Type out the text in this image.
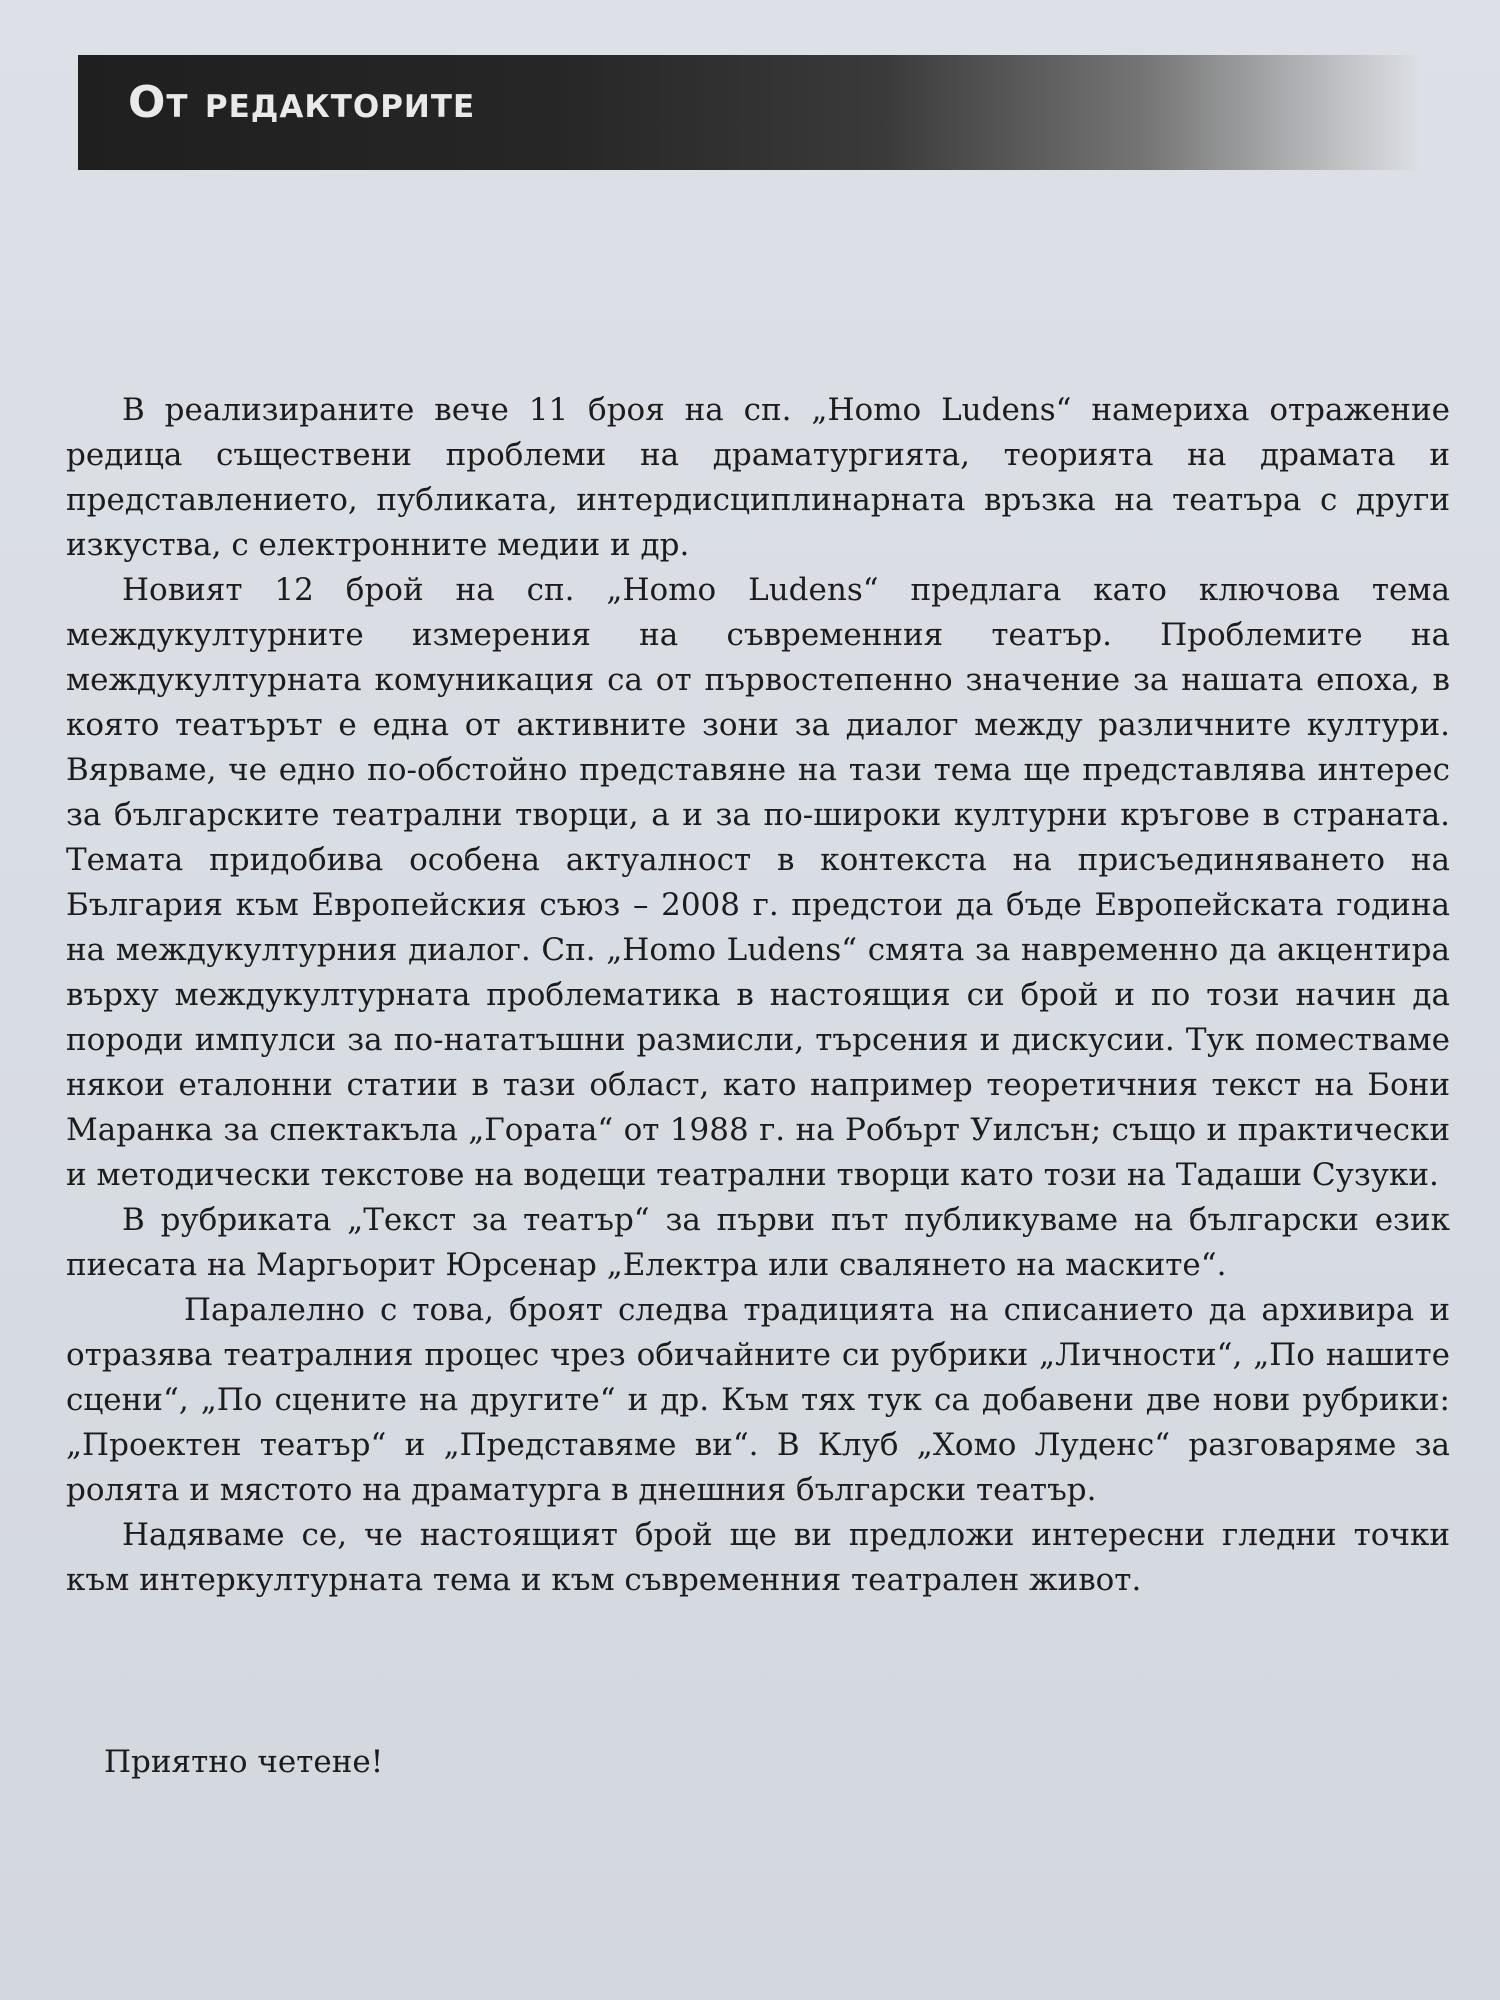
От редакторите

В реализираните вече 11 броя на сп. „Homo Ludens“ намериха отражение редица съществени проблеми на драматургията, теорията на драмата и представлението, публиката, интердисциплинарната връзка на театъра с други изкуства, с електронните медии и др.

Новият 12 брой на сп. „Homo Ludens“ предлага като ключова тема междукултурните измерения на съвременния театър. Проблемите на междукултурната комуникация са от първостепенно значение за нашата епоха, в която театърът е една от активните зони за диалог между различните култури. Вярваме, че едно по-обстойно представяне на тази тема ще представлява интерес за българските театрални творци, а и за по-широки културни кръгове в страната. Темата придобива особена актуалност в контекста на присъединяването на България към Европейския съюз – 2008 г. предстои да бъде Европейската година на междукултурния диалог. Сп. „Homo Ludens“ смята за навременно да акцентира върху междукултурната проблематика в настоящия си брой и по този начин да породи импулси за по-нататъшни размисли, търсения и дискусии. Тук поместваме някои еталонни статии в тази област, като например теоретичния текст на Бони Маранка за спектакъла „Гората“ от 1988 г. на Робърт Уилсън; също и практически и методически текстове на водещи театрални творци като този на Тадаши Сузуки.

В рубриката „Текст за театър“ за първи път публикуваме на български език пиесата на Маргьорит Юрсенар „Електра или свалянето на маските“.

Паралелно с това, броят следва традицията на списанието да архивира и отразява театралния процес чрез обичайните си рубрики „Личности“, „По нашите сцени“, „По сцените на другите“ и др. Към тях тук са добавени две нови рубрики: „Проектен театър“ и „Представяме ви“. В Клуб „Хомо Луденс“ разговаряме за ролята и мястото на драматурга в днешния български театър.

Надяваме се, че настоящият брой ще ви предложи интересни гледни точки към интеркултурната тема и към съвременния театрален живот.

Приятно четене!
